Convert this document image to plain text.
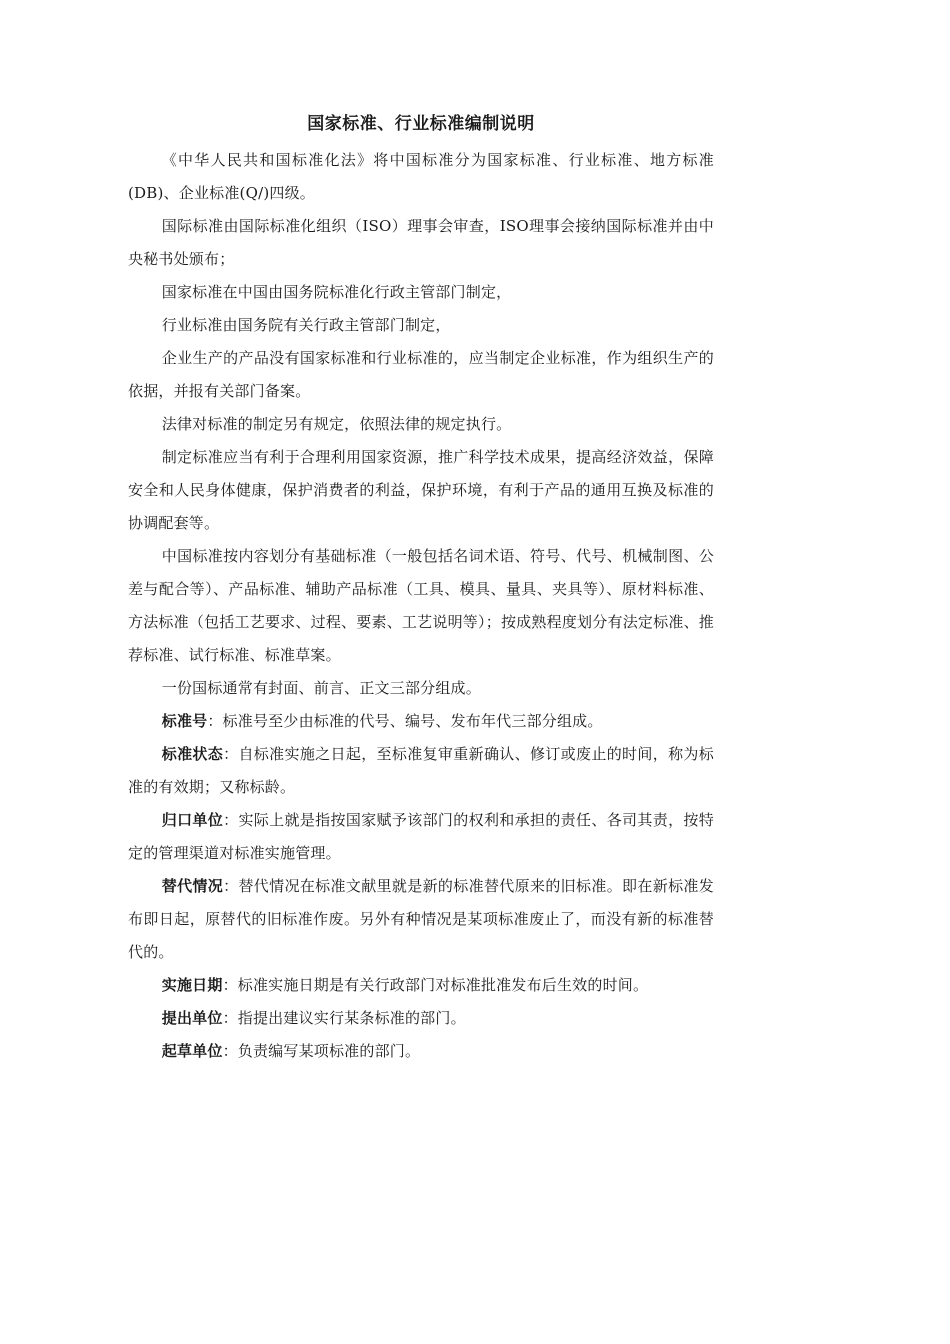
国家标准、行业标准编制说明

《中华人民共和国标准化法》将中国标准分为国家标准、行业标准、地方标准(DB)、企业标准(Q/)四级。

国际标准由国际标准化组织（ISO）理事会审查，ISO理事会接纳国际标准并由中央秘书处颁布；

国家标准在中国由国务院标准化行政主管部门制定，

行业标准由国务院有关行政主管部门制定，

企业生产的产品没有国家标准和行业标准的，应当制定企业标准，作为组织生产的依据，并报有关部门备案。

法律对标准的制定另有规定，依照法律的规定执行。

制定标准应当有利于合理利用国家资源，推广科学技术成果，提高经济效益，保障安全和人民身体健康，保护消费者的利益，保护环境，有利于产品的通用互换及标准的协调配套等。

中国标准按内容划分有基础标准（一般包括名词术语、符号、代号、机械制图、公差与配合等）、产品标准、辅助产品标准（工具、模具、量具、夹具等）、原材料标准、方法标准（包括工艺要求、过程、要素、工艺说明等）；按成熟程度划分有法定标准、推荐标准、试行标准、标准草案。

一份国标通常有封面、前言、正文三部分组成。

标准号：标准号至少由标准的代号、编号、发布年代三部分组成。

标准状态：自标准实施之日起，至标准复审重新确认、修订或废止的时间，称为标准的有效期；又称标龄。

归口单位：实际上就是指按国家赋予该部门的权利和承担的责任、各司其责，按特定的管理渠道对标准实施管理。

替代情况：替代情况在标准文献里就是新的标准替代原来的旧标准。即在新标准发布即日起，原替代的旧标准作废。另外有种情况是某项标准废止了，而没有新的标准替代的。

实施日期：标准实施日期是有关行政部门对标准批准发布后生效的时间。

提出单位：指提出建议实行某条标准的部门。

起草单位：负责编写某项标准的部门。
